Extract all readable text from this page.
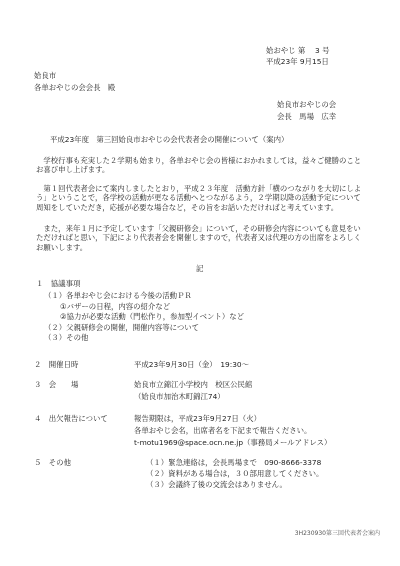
姶おやじ 第　 3 号
平成23年 9月15日
姶良市
各单おやじの会会長　殿
姶良市おやじの会
会長　馬場　広幸
平成23年度　第三回姶良市おやじの会代表者会の開催について（案内）
　学校行事も充実した２学期も始まり，各单おやじ会の皆様におかれましては，益々ご健勝のことお喜び申し上げます。
　第１回代表者会にて案内しましたとおり，平成２３年度　活動方針「横のつながりを大切にしよう」ということで，各学校の活動が更なる活動へとつながるよう，２学期以降の活動予定について周知をしていただき，応援が必要な場合など，その旨をお話いただければと考えています。
　また，来年１月に予定しています「父親研修会」について，その研修会内容についても意見をいただければと思い，下記により代表者会を開催しますので，代表者又は代理の方の出席をよろしくお願いします。
記
１　協議事項
（１）各単おやじ会における今後の活動ＰＲ
①バザーの日程，内容の紹介など
②協力が必要な活動（門松作り，参加型イベント）など
（２）父親研修会の開催，開催内容等について
（３）その他
２　開催日時	平成23年9月30日（金）　19:30～
３　会　　場	姶良市立錦江小学校内　校区公民館
（姶良市加治木町錦江74）
４　出欠報告について	報告期限は，平成23年9月27日（火）
各単おやじ会名，出席者名を下記まで報告ください。
t-motu1969@space.ocn.ne.jp（事務局メールアドレス）
５　その他	（１）緊急連絡は，会長馬場まで　090-8666-3378
（２）資料がある場合は，３０部用意してください。
（３）会議終了後の交流会はありません。
3H230930第三回代表者会案内
